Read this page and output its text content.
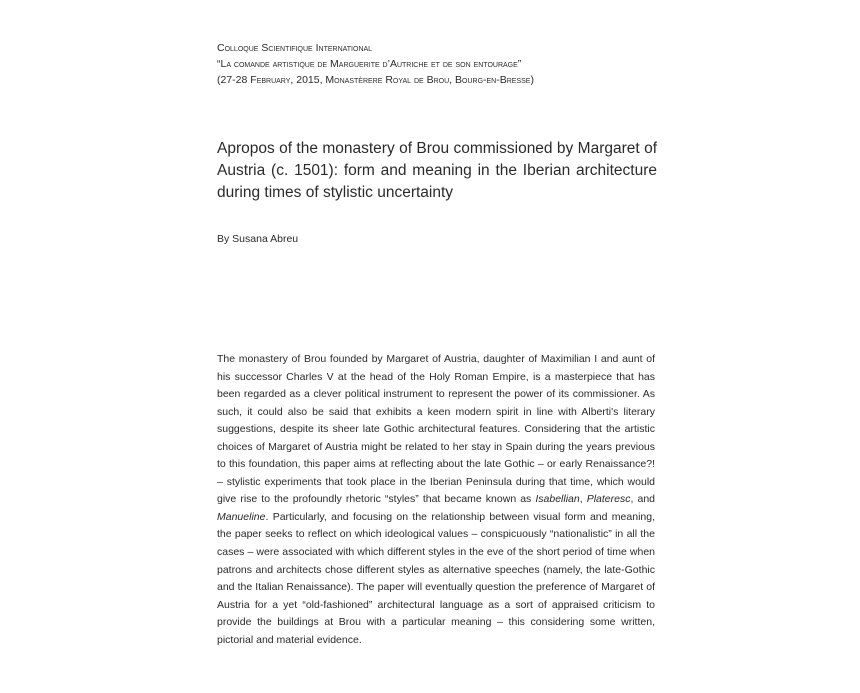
Colloque Scientifique International
“La comande artistique de Marguerite d’Autriche et de son entourage”
(27-28 February, 2015, Monastèrere Royal de Brou, Bourg-en-Bresse)
Apropos of the monastery of Brou commissioned by Margaret of Austria (c. 1501): form and meaning in the Iberian architecture during times of stylistic uncertainty
By Susana Abreu

The monastery of Brou founded by Margaret of Austria, daughter of Maximilian I and aunt of his successor Charles V at the head of the Holy Roman Empire, is a masterpiece that has been regarded as a clever political instrument to represent the power of its commissioner. As such, it could also be said that exhibits a keen modern spirit in line with Alberti's literary suggestions, despite its sheer late Gothic architectural features. Considering that the artistic choices of Margaret of Austria might be related to her stay in Spain during the years previous to this foundation, this paper aims at reflecting about the late Gothic – or early Renaissance?! – stylistic experiments that took place in the Iberian Peninsula during that time, which would give rise to the profoundly rhetoric “styles” that became known as Isabellian, Plateresc, and Manueline. Particularly, and focusing on the relationship between visual form and meaning, the paper seeks to reflect on which ideological values – conspicuously “nationalistic” in all the cases – were associated with which different styles in the eve of the short period of time when patrons and architects chose different styles as alternative speeches (namely, the late-Gothic and the Italian Renaissance). The paper will eventually question the preference of Margaret of Austria for a yet “old-fashioned” architectural language as a sort of appraised criticism to provide the buildings at Brou with a particular meaning – this considering some written, pictorial and material evidence.
